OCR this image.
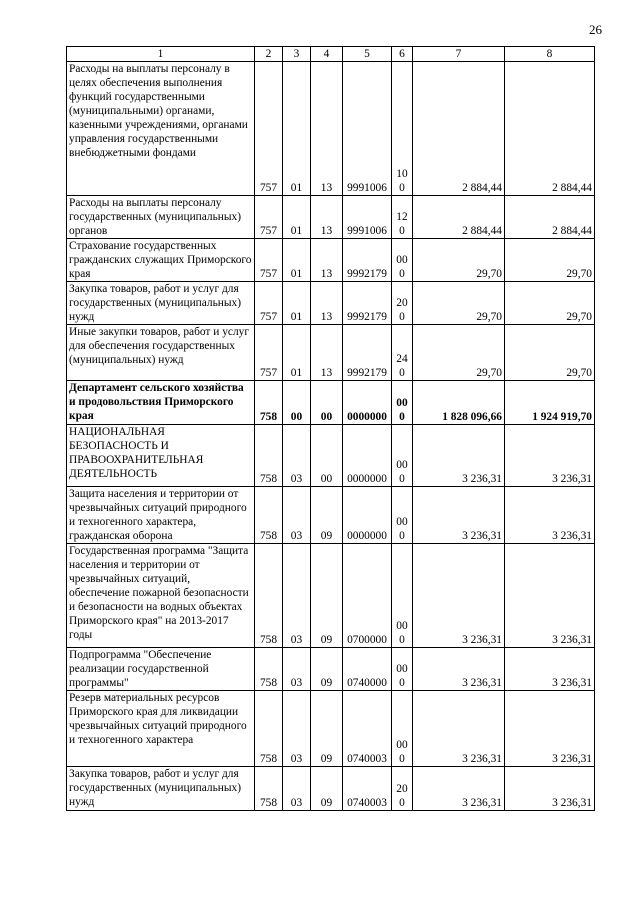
26
1	2	3	4	5	6	7	8
Расходы на выплаты персоналу в целях обеспечения выполнения функций государственными (муниципальными) органами, казенными учреждениями, органами управления государственными внебюджетными фондами	757	01	13	9991006	100	2 884,44	2 884,44
Расходы на выплаты персоналу государственных (муниципальных) органов	757	01	13	9991006	120	2 884,44	2 884,44
Страхование государственных гражданских служащих Приморского края	757	01	13	9992179	000	29,70	29,70
Закупка товаров, работ и услуг для государственных (муниципальных) нужд	757	01	13	9992179	200	29,70	29,70
Иные закупки товаров, работ и услуг для обеспечения государственных (муниципальных) нужд	757	01	13	9992179	240	29,70	29,70
Департамент сельского хозяйства и продовольствия Приморского края	758	00	00	0000000	000	1 828 096,66	1 924 919,70
НАЦИОНАЛЬНАЯ БЕЗОПАСНОСТЬ И ПРАВООХРАНИТЕЛЬНАЯ ДЕЯТЕЛЬНОСТЬ	758	03	00	0000000	000	3 236,31	3 236,31
Защита населения и территории от чрезвычайных ситуаций природного и техногенного характера, гражданская оборона	758	03	09	0000000	000	3 236,31	3 236,31
Государственная программа "Защита населения и территории от чрезвычайных ситуаций, обеспечение пожарной безопасности и безопасности на водных объектах Приморского края" на 2013-2017 годы	758	03	09	0700000	000	3 236,31	3 236,31
Подпрограмма "Обеспечение реализации государственной программы"	758	03	09	0740000	000	3 236,31	3 236,31
Резерв материальных ресурсов Приморского края для ликвидации чрезвычайных ситуаций природного и техногенного характера	758	03	09	0740003	000	3 236,31	3 236,31
Закупка товаров, работ и услуг для государственных (муниципальных) нужд	758	03	09	0740003	200	3 236,31	3 236,31
